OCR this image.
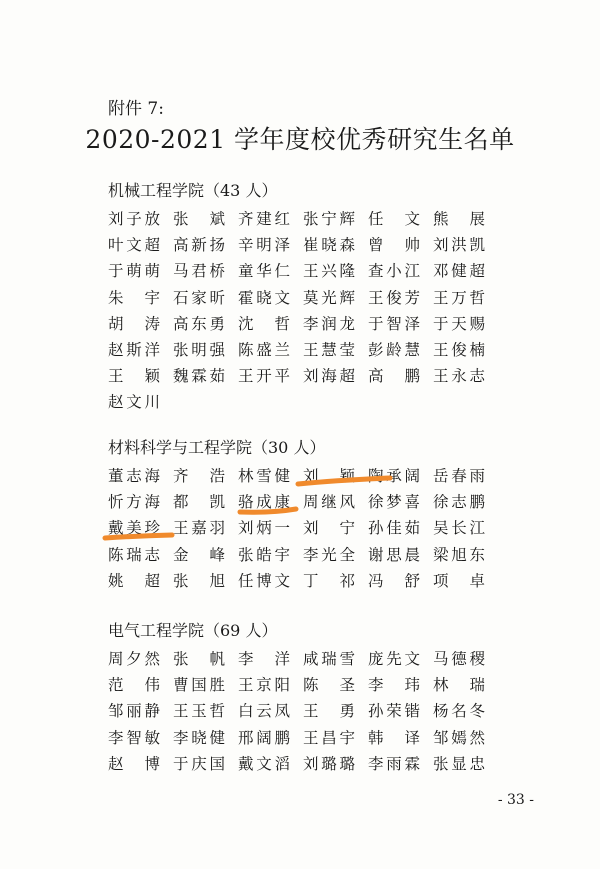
附件 7:
2020-2021 学年度校优秀研究生名单
机械工程学院（43 人）
刘子放 张 斌 齐建红 张宁辉 任 文 熊 展
叶文超 高新扬 辛明泽 崔晓森 曾 帅 刘洪凯
于萌萌 马君桥 童华仁 王兴隆 查小江 邓健超
朱 宇 石家昕 霍晓文 莫光辉 王俊芳 王万哲
胡 涛 高东勇 沈 哲 李润龙 于智泽 于天赐
赵斯洋 张明强 陈盛兰 王慧莹 彭龄慧 王俊楠
王 颖 魏霖茹 王开平 刘海超 高 鹏 王永志
赵文川
材料科学与工程学院（30 人）
董志海 齐 浩 林雪健 刘 颖 陶承阔 岳春雨
忻方海 都 凯 骆成康 周继风 徐梦喜 徐志鹏
戴美珍 王嘉羽 刘炳一 刘 宁 孙佳茹 吴长江
陈瑞志 金 峰 张皓宇 李光全 谢思晨 梁旭东
姚 超 张 旭 任博文 丁 祁 冯 舒 项 卓
电气工程学院（69 人）
周夕然 张 帆 李 洋 咸瑞雪 庞先文 马德稷
范 伟 曹国胜 王京阳 陈 圣 李 玮 林 瑞
邹丽静 王玉哲 白云凤 王 勇 孙荣锴 杨名冬
李智敏 李晓健 邢阔鹏 王昌宇 韩 译 邹嫣然
赵 博 于庆国 戴文滔 刘璐璐 李雨霖 张显忠
- 33 -
